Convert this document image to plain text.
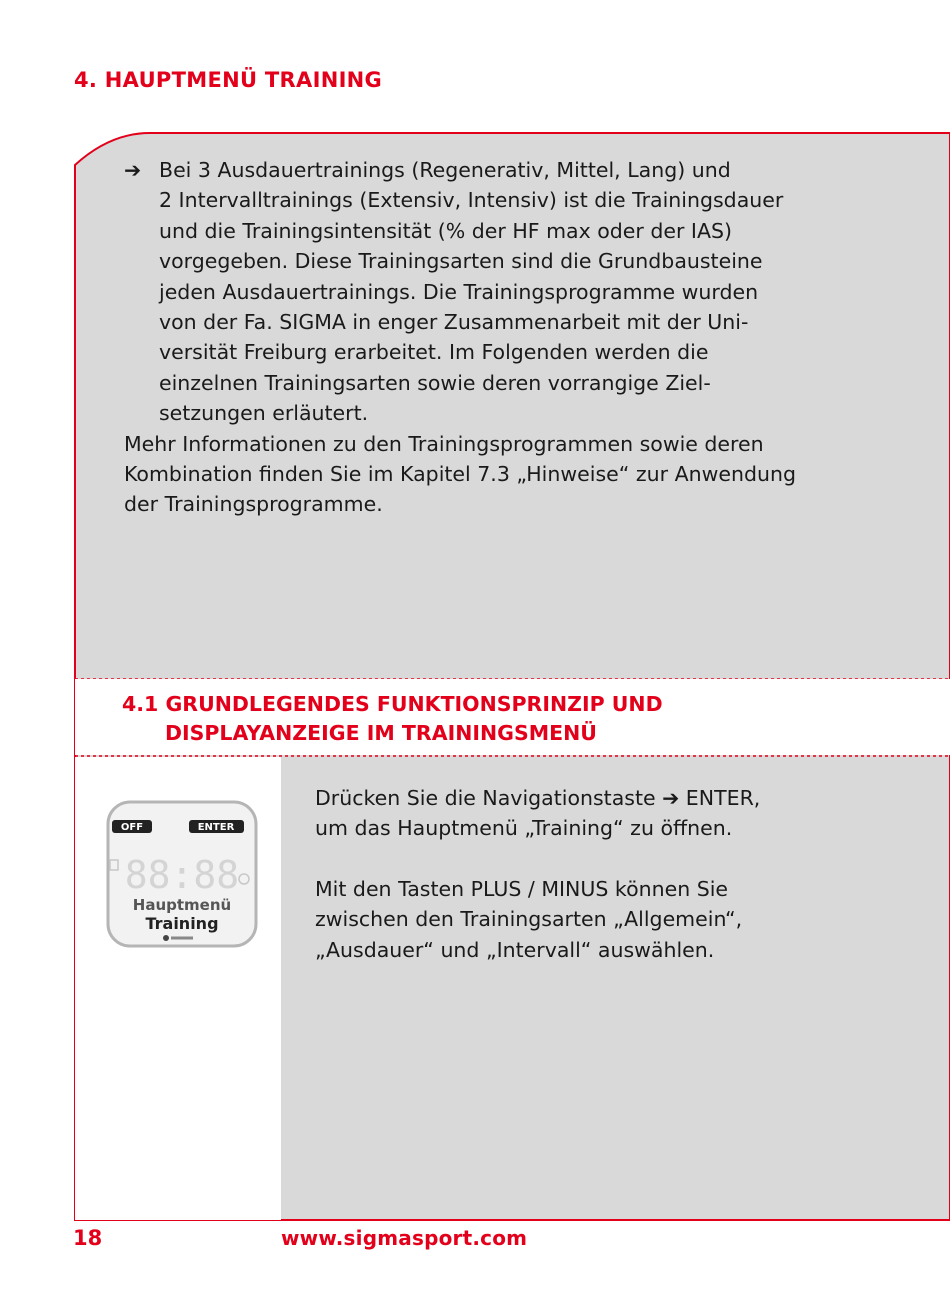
4. HAUPTMENÜ TRAINING
➔ Bei 3 Ausdauertrainings (Regenerativ, Mittel, Lang) und
2 Intervalltrainings (Extensiv, Intensiv) ist die Trainingsdauer
und die Trainingsintensität (% der HF max oder der IAS)
vorgegeben. Diese Trainingsarten sind die Grundbausteine
jeden Ausdauertrainings. Die Trainingsprogramme wurden
von der Fa. SIGMA in enger Zusammenarbeit mit der Uni-
versität Freiburg erarbeitet. Im Folgenden werden die
einzelnen Trainingsarten sowie deren vorrangige Ziel-
setzungen erläutert.

Mehr Informationen zu den Trainingsprogrammen sowie deren
Kombination finden Sie im Kapitel 7.3 „Hinweise“ zur Anwendung
der Trainingsprogramme.

4.1 GRUNDLEGENDES FUNKTIONSPRINZIP UND
DISPLAYANZEIGE IM TRAININGSMENÜ
OFF	ENTER
88:88
Hauptmenü
Training

Drücken Sie die Navigationstaste ➔ ENTER,
um das Hauptmenü „Training“ zu öffnen.

Mit den Tasten PLUS / MINUS können Sie
zwischen den Trainingsarten „Allgemein“,
„Ausdauer“ und „Intervall“ auswählen.

18	www.sigmasport.com
